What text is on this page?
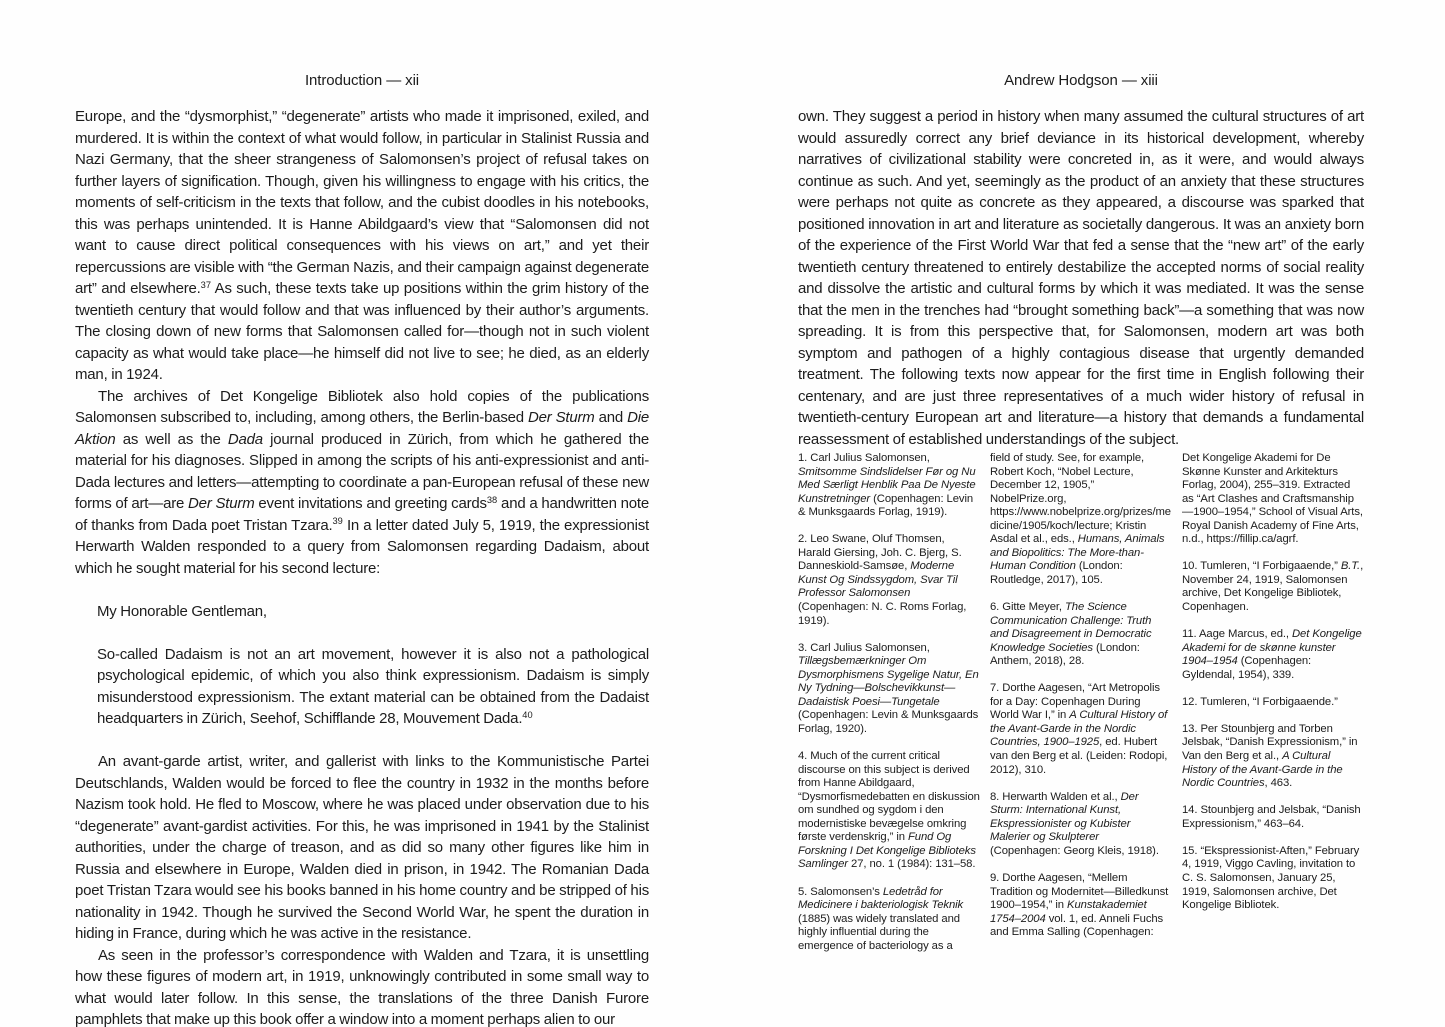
Introduction — xii	Andrew Hodgson — xiii

Europe, and the “dysmorphist,” “degenerate” artists who made it imprisoned, exiled, and murdered. It is within the context of what would follow, in particular in Stalinist Russia and Nazi Germany, that the sheer strangeness of Salomonsen’s project of refusal takes on further layers of signification. Though, given his willingness to engage with his critics, the moments of self-criticism in the texts that follow, and the cubist doodles in his notebooks, this was perhaps unintended. It is Hanne Abildgaard’s view that “Salomonsen did not want to cause direct political consequences with his views on art,” and yet their repercussions are visible with “the German Nazis, and their campaign against degenerate art” and elsewhere.$^{37}$ As such, these texts take up positions within the grim history of the twentieth century that would follow and that was influenced by their author’s arguments. The closing down of new forms that Salomonsen called for—though not in such violent capacity as what would take place—he himself did not live to see; he died, as an elderly man, in 1924.

The archives of Det Kongelige Bibliotek also hold copies of the publications Salomonsen subscribed to, including, among others, the Berlin-based Der Sturm and Die Aktion as well as the Dada journal produced in Zürich, from which he gathered the material for his diagnoses. Slipped in among the scripts of his anti-expressionist and anti-Dada lectures and letters—attempting to coordinate a pan-European refusal of these new forms of art—are Der Sturm event invitations and greeting cards$^{38}$ and a handwritten note of thanks from Dada poet Tristan Tzara.$^{39}$ In a letter dated July 5, 1919, the expressionist Herwarth Walden responded to a query from Salomonsen regarding Dadaism, about which he sought material for his second lecture:

My Honorable Gentleman,

So-called Dadaism is not an art movement, however it is also not a pathological psychological epidemic, of which you also think expressionism. Dadaism is simply misunderstood expressionism. The extant material can be obtained from the Dadaist headquarters in Zürich, Seehof, Schifflande 28, Mouvement Dada.$^{40}$

An avant-garde artist, writer, and gallerist with links to the Kommunistische Partei Deutschlands, Walden would be forced to flee the country in 1932 in the months before Nazism took hold. He fled to Moscow, where he was placed under observation due to his “degenerate” avant-gardist activities. For this, he was imprisoned in 1941 by the Stalinist authorities, under the charge of treason, and as did so many other figures like him in Russia and elsewhere in Europe, Walden died in prison, in 1942. The Romanian Dada poet Tristan Tzara would see his books banned in his home country and be stripped of his nationality in 1942. Though he survived the Second World War, he spent the duration in hiding in France, during which he was active in the resistance.

As seen in the professor’s correspondence with Walden and Tzara, it is unsettling how these figures of modern art, in 1919, unknowingly contributed in some small way to what would later follow. In this sense, the translations of the three Danish Furore pamphlets that make up this book offer a window into a moment perhaps alien to our

own. They suggest a period in history when many assumed the cultural structures of art would assuredly correct any brief deviance in its historical development, whereby narratives of civilizational stability were concreted in, as it were, and would always continue as such. And yet, seemingly as the product of an anxiety that these structures were perhaps not quite as concrete as they appeared, a discourse was sparked that positioned innovation in art and literature as societally dangerous. It was an anxiety born of the experience of the First World War that fed a sense that the “new art” of the early twentieth century threatened to entirely destabilize the accepted norms of social reality and dissolve the artistic and cultural forms by which it was mediated. It was the sense that the men in the trenches had “brought something back”—a something that was now spreading. It is from this perspective that, for Salomonsen, modern art was both symptom and pathogen of a highly contagious disease that urgently demanded treatment. The following texts now appear for the first time in English following their centenary, and are just three representatives of a much wider history of refusal in twentieth-century European art and literature—a history that demands a fundamental reassessment of established understandings of the subject.

1. Carl Julius Salomonsen, Smitsomme Sindslidelser Før og Nu Med Særligt Henblik Paa De Nyeste Kunstretninger (Copenhagen: Levin & Munksgaards Forlag, 1919).
2. Leo Swane, Oluf Thomsen, Harald Giersing, Joh. C. Bjerg, S. Danneskiold-Samsøe, Moderne Kunst Og Sindssygdom, Svar Til Professor Salomonsen (Copenhagen: N. C. Roms Forlag, 1919).
3. Carl Julius Salomonsen, Tillægsbemærkninger Om Dysmorphismens Sygelige Natur, En Ny Tydning—Bolschevikkunst—Dadaistisk Poesi—Tungetale (Copenhagen: Levin & Munksgaards Forlag, 1920).
4. Much of the current critical discourse on this subject is derived from Hanne Abildgaard, “Dysmorfismedebatten en diskussion om sundhed og sygdom i den modernistiske bevægelse omkring første verdenskrig,” in Fund Og Forskning I Det Kongelige Biblioteks Samlinger 27, no. 1 (1984): 131–58.
5. Salomonsen’s Ledetråd for Medicinere i bakteriologisk Teknik (1885) was widely translated and highly influential during the emergence of bacteriology as a
field of study. See, for example, Robert Koch, “Nobel Lecture, December 12, 1905,” NobelPrize.org, https://www.nobelprize.org/prizes/medicine/1905/koch/lecture; Kristin Asdal et al., eds., Humans, Animals and Biopolitics: The More-than-Human Condition (London: Routledge, 2017), 105.
6. Gitte Meyer, The Science Communication Challenge: Truth and Disagreement in Democratic Knowledge Societies (London: Anthem, 2018), 28.
7. Dorthe Aagesen, “Art Metropolis for a Day: Copenhagen During World War I,” in A Cultural History of the Avant-Garde in the Nordic Countries, 1900–1925, ed. Hubert van den Berg et al. (Leiden: Rodopi, 2012), 310.
8. Herwarth Walden et al., Der Sturm: International Kunst, Ekspressionister og Kubister Malerier og Skulpterer (Copenhagen: Georg Kleis, 1918).
9. Dorthe Aagesen, “Mellem Tradition og Modernitet—Billedkunst 1900–1954,” in Kunstakademiet 1754–2004 vol. 1, ed. Anneli Fuchs and Emma Salling (Copenhagen:
Det Kongelige Akademi for De Skønne Kunster and Arkitekturs Forlag, 2004), 255–319. Extracted as “Art Clashes and Craftsmanship—1900–1954,” School of Visual Arts, Royal Danish Academy of Fine Arts, n.d., https://fillip.ca/agrf.
10. Tumleren, “I Forbigaaende,” B.T., November 24, 1919, Salomonsen archive, Det Kongelige Bibliotek, Copenhagen.
11. Aage Marcus, ed., Det Kongelige Akademi for de skønne kunster 1904–1954 (Copenhagen: Gyldendal, 1954), 339.
12. Tumleren, “I Forbigaaende.”
13. Per Stounbjerg and Torben Jelsbak, “Danish Expressionism,” in Van den Berg et al., A Cultural History of the Avant-Garde in the Nordic Countries, 463.
14. Stounbjerg and Jelsbak, “Danish Expressionism,” 463–64.
15. “Ekspressionist-Aften,” February 4, 1919, Viggo Cavling, invitation to C. S. Salomonsen, January 25, 1919, Salomonsen archive, Det Kongelige Bibliotek.
